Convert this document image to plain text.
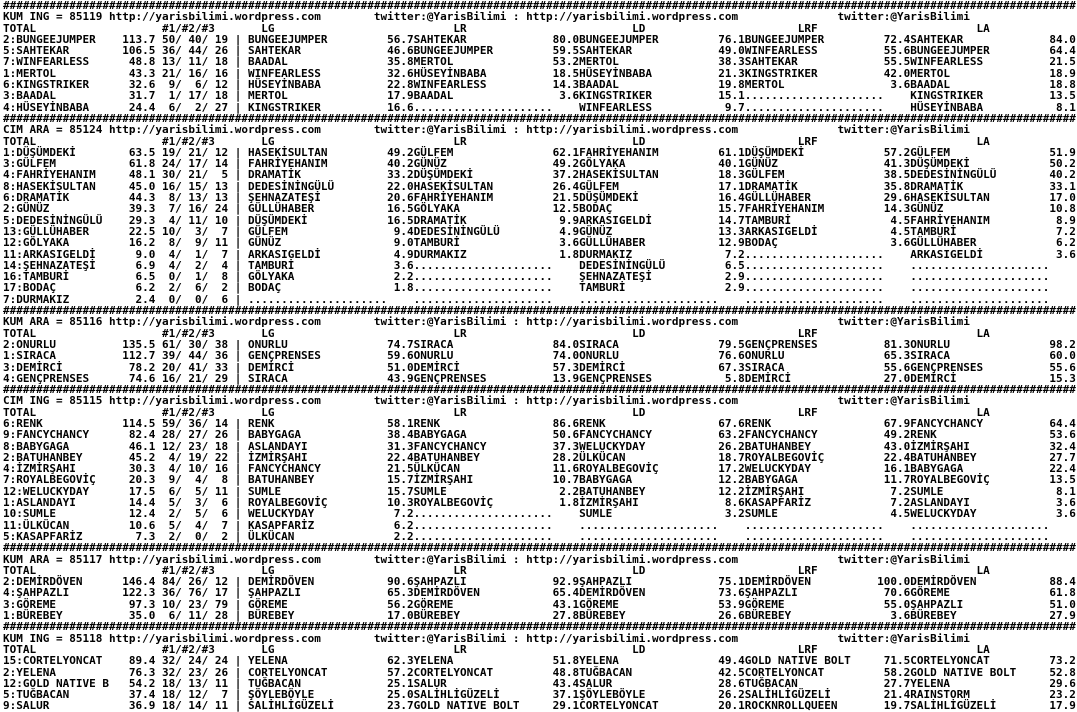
##################################################################################################################################################################
KUM ING = 85119 http://yarisbilimi.wordpress.com        twitter:@YarisBilimi : http://yarisbilimi.wordpress.com               twitter:@YarisBilimi
TOTAL                   #1/#2/#3       LG                           LR                         LD                       LRF                        LA
2:BUNGEEJUMPER    113.7 50/ 40/ 19 | BUNGEEJUMPER         56.7SAHTEKAR             80.0BUNGEEJUMPER         76.1BUNGEEJUMPER         72.4SAHTEKAR             84.0
5:SAHTEKAR        106.5 36/ 44/ 26 | SAHTEKAR             46.6BUNGEEJUMPER         59.5SAHTEKAR             49.0WINFEARLESS          55.6BUNGEEJUMPER         64.4
7:WINFEARLESS      48.8 13/ 11/ 18 | BAADAL               35.8MERTOL               53.2MERTOL               38.3SAHTEKAR             55.5WINFEARLESS          21.5
1:MERTOL           43.3 21/ 16/ 16 | WINFEARLESS          32.6HÜSEYİNBABA          18.5HÜSEYİNBABA          21.3KINGSTRIKER          42.0MERTOL               18.9
6:KINGSTRIKER      32.6  9/  6/ 12 | HÜSEYİNBABA          22.8WINFEARLESS          14.3BAADAL               19.8MERTOL                3.6BAADAL               18.8
3:BAADAL           31.7  1/ 17/ 18 | MERTOL               17.9BAADAL                3.6KINGSTRIKER          15.1.....................    KINGSTRIKER          13.5
4:HÜSEYİNBABA      24.4  6/  2/ 27 | KINGSTRIKER          16.6.....................    WINFEARLESS           9.7.....................    HÜSEYİNBABA           8.1
##################################################################################################################################################################
CIM ARA = 85124 http://yarisbilimi.wordpress.com        twitter:@YarisBilimi : http://yarisbilimi.wordpress.com               twitter:@YarisBilimi
TOTAL                   #1/#2/#3       LG                           LR                         LD                       LRF                        LA
1:DÜŞÜMDEKİ        63.5 19/ 21/ 12 | HASEKİSULTAN         49.2GÜLFEM               62.1FAHRİYEHANIM         61.1DÜŞÜMDEKİ            57.2GÜLFEM               51.9
3:GÜLFEM           61.8 24/ 17/ 14 | FAHRİYEHANIM         40.2GÜNÜZ                49.2GÖLYAKA              40.1GÜNÜZ                41.3DÜŞÜMDEKİ            50.2
4:FAHRİYEHANIM     48.1 30/ 21/  5 | DRAMATİK             33.2DÜŞÜMDEKİ            37.2HASEKİSULTAN         18.3GÜLFEM               38.5DEDESİNİNGÜLÜ        40.2
8:HASEKİSULTAN     45.0 16/ 15/ 13 | DEDESİNİNGÜLÜ        22.0HASEKİSULTAN         26.4GÜLFEM               17.1DRAMATİK             35.8DRAMATİK             33.1
6:DRAMATİK         44.3  8/ 13/ 13 | ŞEHNAZATEŞİ          20.6FAHRİYEHANIM         21.5DÜŞÜMDEKİ            16.4GÜLLÜHABER           29.6HASEKİSULTAN         17.0
2:GÜNÜZ            39.3  7/ 16/ 24 | GÜLLÜHABER           16.5GÖLYAKA              12.5BODAÇ                15.7FAHRİYEHANIM         14.3GÜNÜZ                10.8
5:DEDESİNİNGÜLÜ    29.3  4/ 11/ 10 | DÜŞÜMDEKİ            16.5DRAMATİK              9.9ARKASIGELDİ          14.7TAMBURİ               4.5FAHRİYEHANIM          8.9
13:GÜLLÜHABER      22.5 10/  3/  7 | GÜLFEM                9.4DEDESİNİNGÜLÜ         4.9GÜNÜZ                13.3ARKASIGELDİ           4.5TAMBURİ               7.2
12:GÖLYAKA         16.2  8/  9/ 11 | GÜNÜZ                 9.0TAMBURİ               3.6GÜLLÜHABER           12.9BODAÇ                 3.6GÜLLÜHABER            6.2
11:ARKASIGELDİ      9.0  4/  1/  7 | ARKASIGELDİ           4.9DURMAKIZ              1.8DURMAKIZ              7.2.....................    ARKASIGELDİ           3.6
14:ŞEHNAZATEŞİ      6.9  4/  2/  4 | TAMBURİ               3.6.....................    DEDESİNİNGÜLÜ         6.5.....................    .....................
16:TAMBURİ          6.5  0/  1/  8 | GÖLYAKA               2.2.....................    ŞEHNAZATEŞİ           2.9.....................    .....................
17:BODAÇ            6.2  2/  6/  2 | BODAÇ                 1.8.....................    TAMBURİ               2.9.....................    .....................
7:DURMAKIZ          2.4  0/  0/  6 | .....................    .....................    .....................    .....................    .....................
##################################################################################################################################################################
KUM ARA = 85116 http://yarisbilimi.wordpress.com        twitter:@YarisBilimi : http://yarisbilimi.wordpress.com               twitter:@YarisBilimi
TOTAL                   #1/#2/#3       LG                           LR                         LD                       LRF                        LA
2:ONURLU          135.5 61/ 30/ 38 | ONURLU               74.7SIRACA               84.0SIRACA               79.5GENÇPRENSES          81.3ONURLU               98.2
1:SIRACA          112.7 39/ 44/ 36 | GENÇPRENSES          59.6ONURLU               74.0ONURLU               76.6ONURLU               65.3SIRACA               60.0
3:DEMİRCİ          78.2 20/ 41/ 33 | DEMİRCİ              51.0DEMİRCİ              57.3DEMİRCİ              67.3SIRACA               55.6GENÇPRENSES          55.6
4:GENÇPRENSES      74.6 16/ 21/ 29 | SIRACA               43.9GENÇPRENSES          13.9GENÇPRENSES           5.8DEMİRCİ              27.0DEMİRCİ              15.3
##################################################################################################################################################################
CIM ING = 85115 http://yarisbilimi.wordpress.com        twitter:@YarisBilimi : http://yarisbilimi.wordpress.com               twitter:@YarisBilimi
TOTAL                   #1/#2/#3       LG                           LR                         LD                       LRF                        LA
6:RENK            114.5 59/ 36/ 14 | RENK                 58.1RENK                 86.6RENK                 67.6RENK                 67.9FANCYCHANCY          64.4
9:FANCYCHANCY      82.4 28/ 27/ 26 | BABYGAGA             38.4BABYGAGA             50.6FANCYCHANCY          63.2FANCYCHANCY          49.2RENK                 53.6
8:BABYGAGA         46.1 12/ 23/ 18 | ASLANDAYI            31.3FANCYCHANCY          37.3WELUCKYDAY           26.2BATUHANBEY           43.0İZMİRŞAHI            32.4
2:BATUHANBEY       45.2  4/ 19/ 22 | İZMİRŞAHI            22.4BATUHANBEY           28.2ÜLKÜCAN              18.7ROYALBEGOVİÇ         22.4BATUHANBEY           27.7
4:İZMİRŞAHI        30.3  4/ 10/ 16 | FANCYCHANCY          21.5ÜLKÜCAN              11.6ROYALBEGOVİÇ         17.2WELUCKYDAY           16.1BABYGAGA             22.4
7:ROYALBEGOVİÇ     20.3  9/  4/  8 | BATUHANBEY           15.7İZMİRŞAHI            10.7BABYGAGA             12.2BABYGAGA             11.7ROYALBEGOVİÇ         13.5
12:WELUCKYDAY      17.5  6/  5/ 11 | SUMLE                15.7SUMLE                 2.2BATUHANBEY           12.2İZMİRŞAHI             7.2SUMLE                 8.1
1:ASLANDAYI        14.4  5/  3/  6 | ROYALBEGOVİÇ         10.3ROYALBEGOVİÇ          1.8İZMİRŞAHI             8.6KASAPFARİZ            7.2ASLANDAYI             3.6
10:SUMLE           12.4  2/  5/  6 | WELUCKYDAY            7.2.....................    SUMLE                 3.2SUMLE                 4.5WELUCKYDAY            3.6
11:ÜLKÜCAN         10.6  5/  4/  7 | KASAPFARİZ            6.2.....................    .....................    .....................    .....................
5:KASAPFARİZ        7.3  2/  0/  2 | ÜLKÜCAN               2.2.....................    .....................    .....................    .....................
##################################################################################################################################################################
KUM ARA = 85117 http://yarisbilimi.wordpress.com        twitter:@YarisBilimi : http://yarisbilimi.wordpress.com               twitter:@YarisBilimi
TOTAL                   #1/#2/#3       LG                           LR                         LD                       LRF                        LA
2:DEMİRDÖVEN      146.4 84/ 26/ 12 | DEMİRDÖVEN           90.6ŞAHPAZLI             92.9ŞAHPAZLI             75.1DEMİRDÖVEN          100.0DEMİRDÖVEN           88.4
4:ŞAHPAZLI        122.3 36/ 76/ 17 | ŞAHPAZLI             65.3DEMİRDÖVEN           65.4DEMİRDÖVEN           73.6ŞAHPAZLI             70.6GÖREME               61.8
3:GÖREME           97.3 10/ 23/ 79 | GÖREME               56.2GÖREME               43.1GÖREME               53.9GÖREME               55.0ŞAHPAZLI             51.0
1:BÜREBEY          35.0  6/ 11/ 28 | BÜREBEY              17.0BÜREBEY              27.8BÜREBEY              26.6BÜREBEY               3.6BÜREBEY              27.9
##################################################################################################################################################################
KUM ING = 85118 http://yarisbilimi.wordpress.com        twitter:@YarisBilimi : http://yarisbilimi.wordpress.com               twitter:@YarisBilimi
TOTAL                   #1/#2/#3       LG                           LR                         LD                       LRF                        LA
15:CORTELYONCAT    89.4 32/ 24/ 24 | YELENA               62.3YELENA               51.8YELENA               49.4GOLD NATIVE BOLT     71.5CORTELYONCAT         73.2
2:YELENA           76.3 32/ 23/ 26 | CORTELYONCAT         57.2CORTELYONCAT         48.8TUĞBACAN             42.5CORTELYONCAT         58.2GOLD NATIVE BOLT     52.8
12:GOLD NATIVE B   54.2 18/ 13/ 11 | TUĞBACAN             25.1SALUR                43.4SALUR                28.6TUĞBACAN             27.7YELENA               29.6
5:TUĞBACAN         37.4 18/ 12/  7 | ŞÖYLEBÖYLE           25.0SALİHLİGÜZELİ        37.1ŞÖYLEBÖYLE           26.2SALİHLİGÜZELİ        21.4RAINSTORM            23.2
9:SALUR            36.9 18/ 14/ 11 | SALİHLİGÜZELİ        23.7GOLD NATIVE BOLT     29.1CORTELYONCAT         20.1ROCKNROLLQUEEN       19.7SALİHLİGÜZELİ        17.9
